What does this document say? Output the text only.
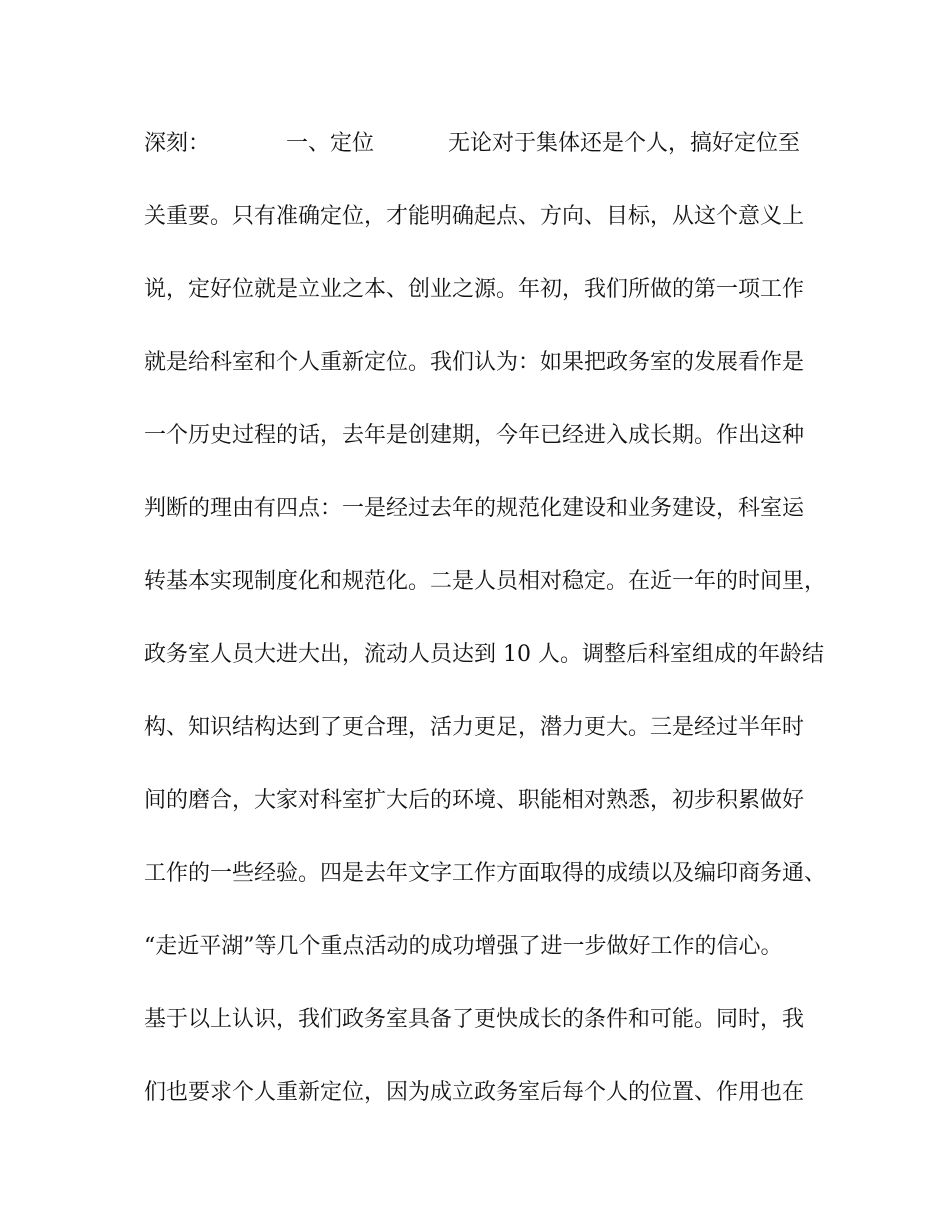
深刻：	一、定位	无论对于集体还是个人，搞好定位至
关重要。只有准确定位，才能明确起点、方向、目标，从这个意义上
说，定好位就是立业之本、创业之源。年初，我们所做的第一项工作
就是给科室和个人重新定位。我们认为：如果把政务室的发展看作是
一个历史过程的话，去年是创建期，今年已经进入成长期。作出这种
判断的理由有四点：一是经过去年的规范化建设和业务建设，科室运
转基本实现制度化和规范化。二是人员相对稳定。在近一年的时间里，
政务室人员大进大出，流动人员达到 10 人。调整后科室组成的年龄结
构、知识结构达到了更合理，活力更足，潜力更大。三是经过半年时
间的磨合，大家对科室扩大后的环境、职能相对熟悉，初步积累做好
工作的一些经验。四是去年文字工作方面取得的成绩以及编印商务通、
“走近平湖”等几个重点活动的成功增强了进一步做好工作的信心。
基于以上认识，我们政务室具备了更快成长的条件和可能。同时，我
们也要求个人重新定位，因为成立政务室后每个人的位置、作用也在
